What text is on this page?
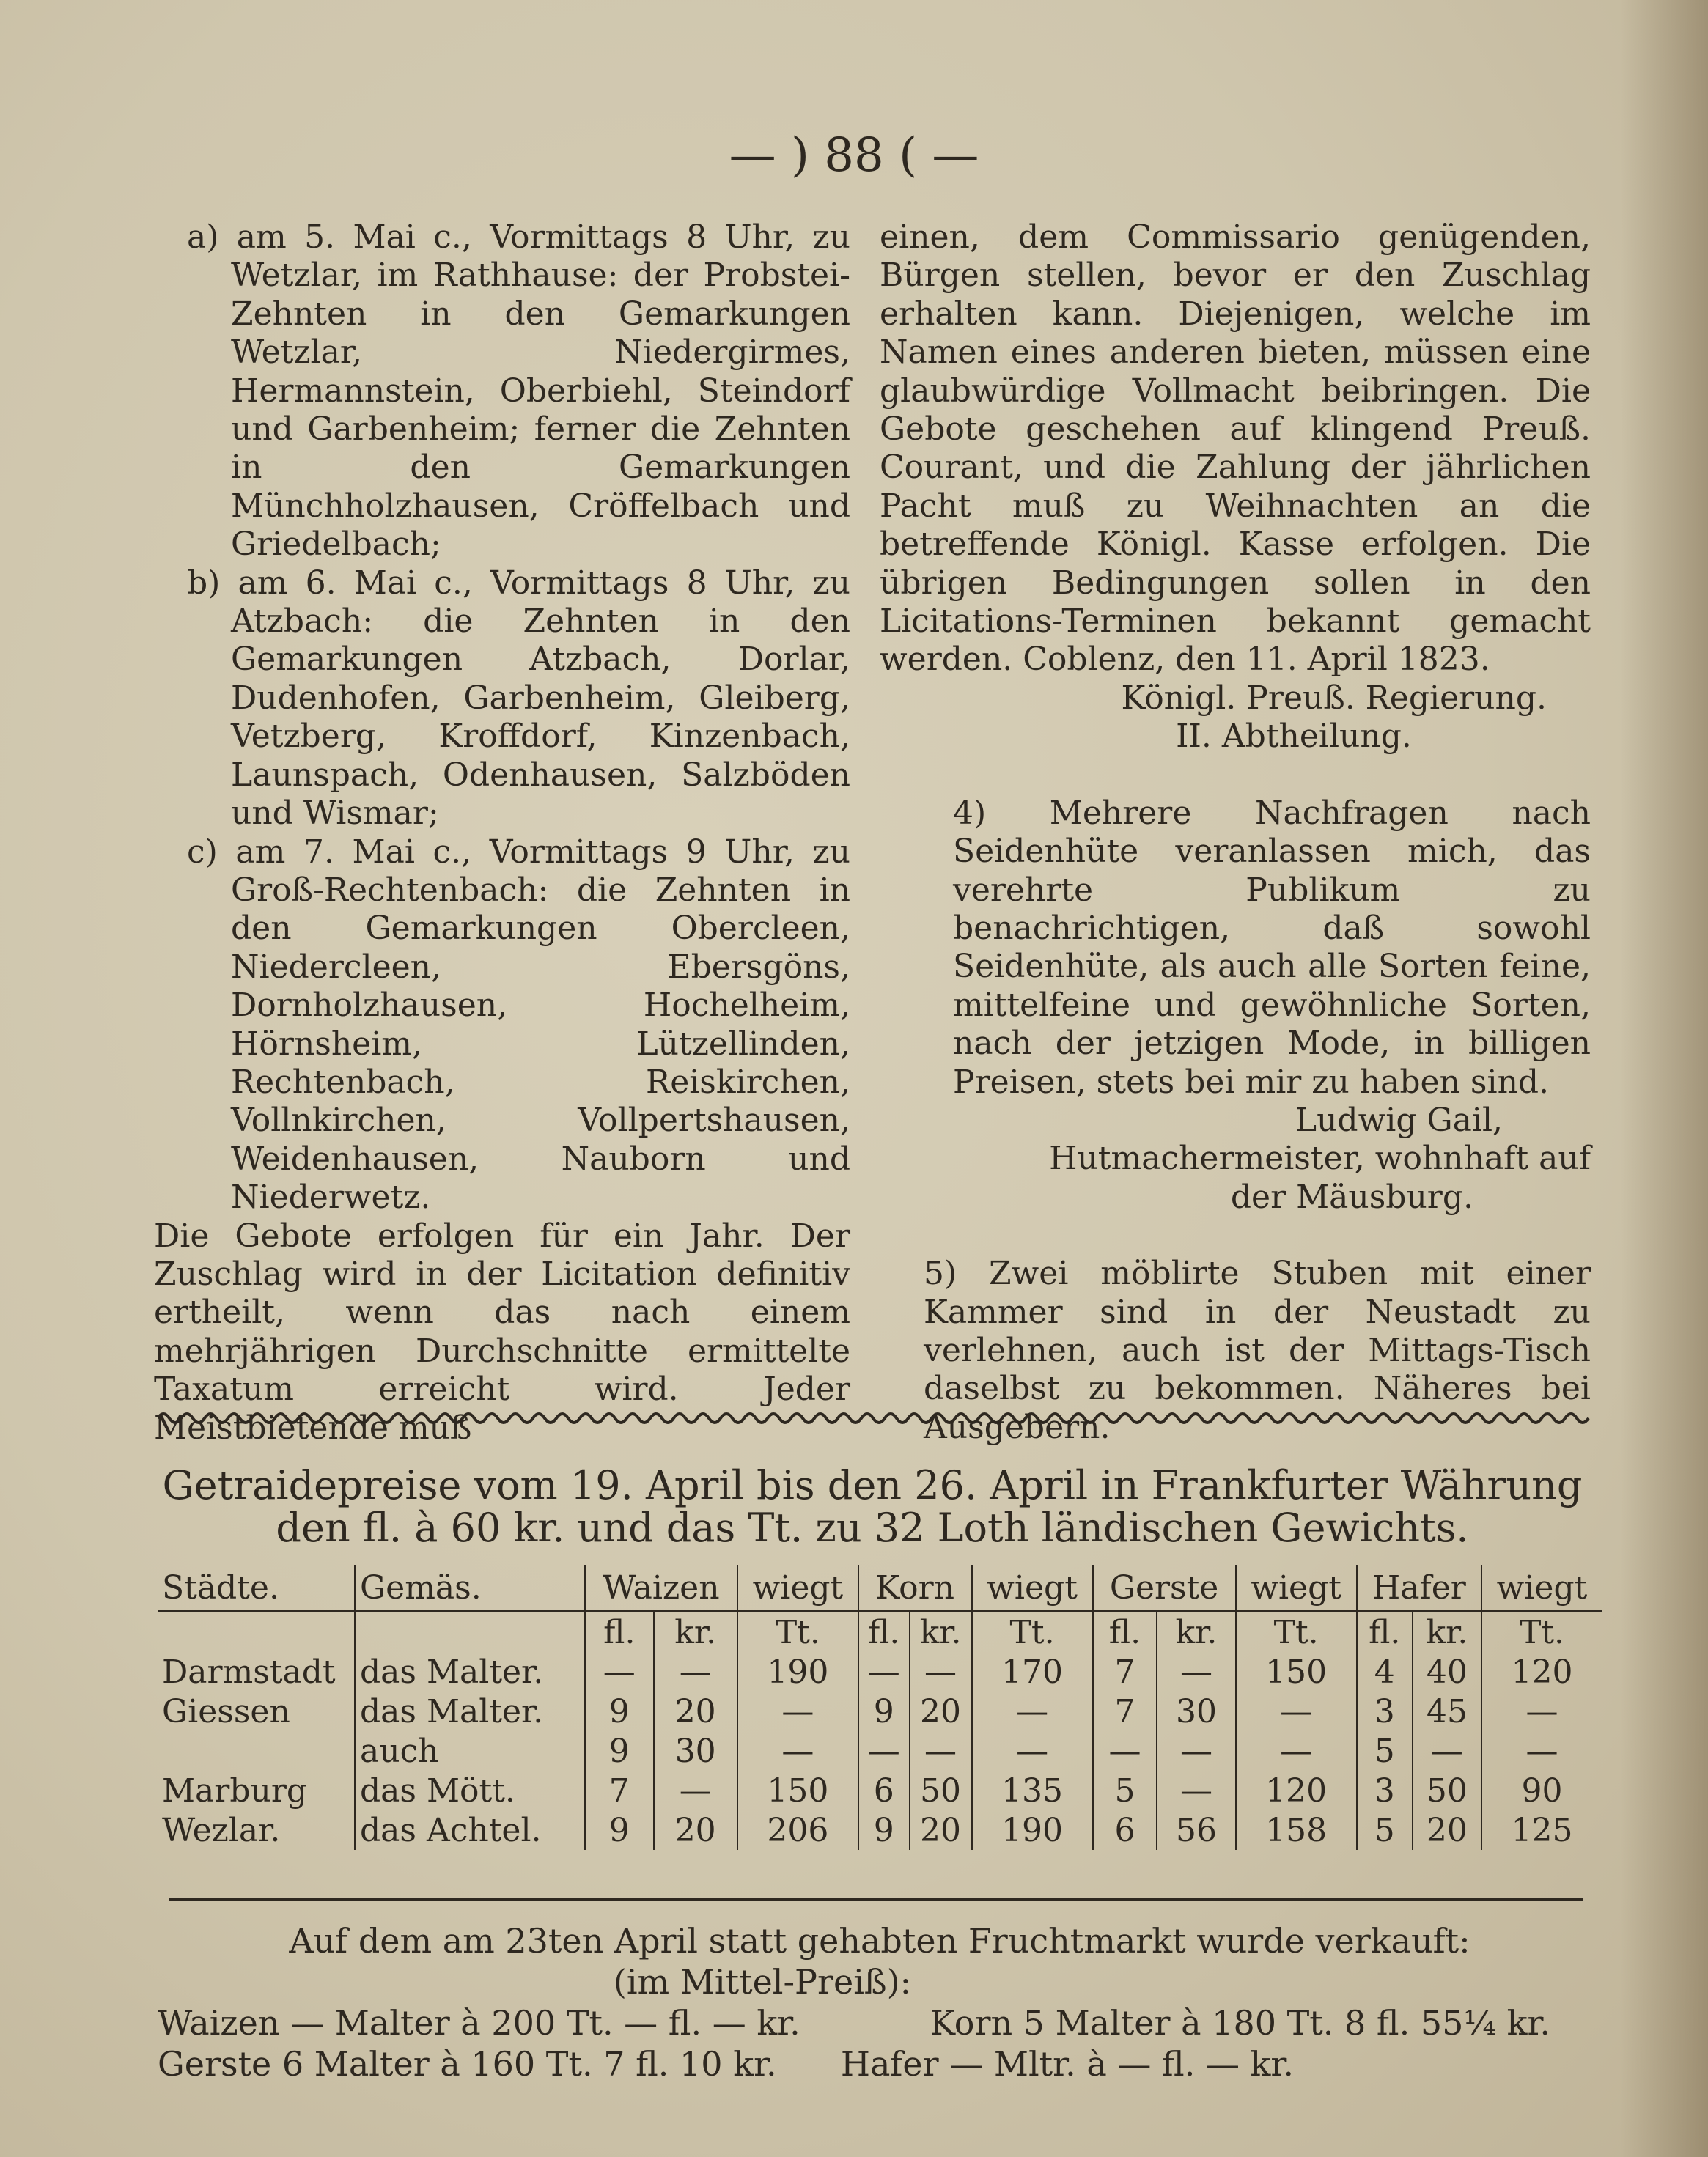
— ) 88 ( —

a) am 5. Mai c., Vormittags 8 Uhr, zu Wetzlar, im Rathhause: der Probstei-Zehnten in den Gemarkungen Wetzlar, Niedergirmes, Hermannstein, Oberbiehl, Steindorf und Garbenheim; ferner die Zehnten in den Gemarkungen Münchholzhausen, Cröffelbach und Griedelbach;

b) am 6. Mai c., Vormittags 8 Uhr, zu Atzbach: die Zehnten in den Gemarkungen Atzbach, Dorlar, Dudenhofen, Garbenheim, Gleiberg, Vetzberg, Kroffdorf, Kinzenbach, Launspach, Odenhausen, Salzböden und Wismar;

c) am 7. Mai c., Vormittags 9 Uhr, zu Groß-Rechtenbach: die Zehnten in den Gemarkungen Obercleen, Niedercleen, Ebersgöns, Dornholzhausen, Hochelheim, Hörnsheim, Lützellinden, Rechtenbach, Reiskirchen, Vollnkirchen, Vollpertshausen, Weidenhausen, Nauborn und Niederwetz.

Die Gebote erfolgen für ein Jahr. Der Zuschlag wird in der Licitation definitiv ertheilt, wenn das nach einem mehrjährigen Durchschnitte ermittelte Taxatum erreicht wird. Jeder Meistbietende muß

einen, dem Commissario genügenden, Bürgen stellen, bevor er den Zuschlag erhalten kann. Diejenigen, welche im Namen eines anderen bieten, müssen eine glaubwürdige Vollmacht beibringen. Die Gebote geschehen auf klingend Preuß. Courant, und die Zahlung der jährlichen Pacht muß zu Weihnachten an die betreffende Königl. Kasse erfolgen. Die übrigen Bedingungen sollen in den Licitations-Terminen bekannt gemacht werden. Coblenz, den 11. April 1823.

Königl. Preuß. Regierung.

II. Abtheilung.

4) Mehrere Nachfragen nach Seidenhüte veranlassen mich, das verehrte Publikum zu benachrichtigen, daß sowohl Seidenhüte, als auch alle Sorten feine, mittelfeine und gewöhnliche Sorten, nach der jetzigen Mode, in billigen Preisen, stets bei mir zu haben sind.

Ludwig Gail,

Hutmachermeister, wohnhaft auf

der Mäusburg.

5) Zwei möblirte Stuben mit einer Kammer sind in der Neustadt zu verlehnen, auch ist der Mittags-Tisch daselbst zu bekommen. Näheres bei Ausgebern.

Getraidepreise vom 19. April bis den 26. April in Frankfurter Währung
den fl. à 60 kr. und das Tt. zu 32 Loth ländischen Gewichts.
Städte.	Gemäs.	Waizen		wiegt	Korn		wiegt	Gerste		wiegt	Hafer		wiegt
		fl.	kr.	Tt.	fl.	kr.	Tt.	fl.	kr.	Tt.	fl.	kr.	Tt.
Darmstadt	das Malter.	—	—	190	—	—	170	7	—	150	4	40	120
Giessen	das Malter.	9	20	—	9	20	—	7	30	—	3	45	—
	auch	9	30	—	—	—	—	—	—	—	5	—	—
Marburg	das Mött.	7	—	150	6	50	135	5	—	120	3	50	90
Wezlar.	das Achtel.	9	20	206	9	20	190	6	56	158	5	20	125
Auf dem am 23ten April statt gehabten Fruchtmarkt wurde verkauft:
(im Mittel-Preiß):
Waizen — Malter à 200 Tt. — fl. — kr.	Korn 5 Malter à 180 Tt. 8 fl. 55¼ kr.
Gerste 6 Malter à 160 Tt. 7 fl. 10 kr. Hafer — Mltr. à — fl. — kr.
